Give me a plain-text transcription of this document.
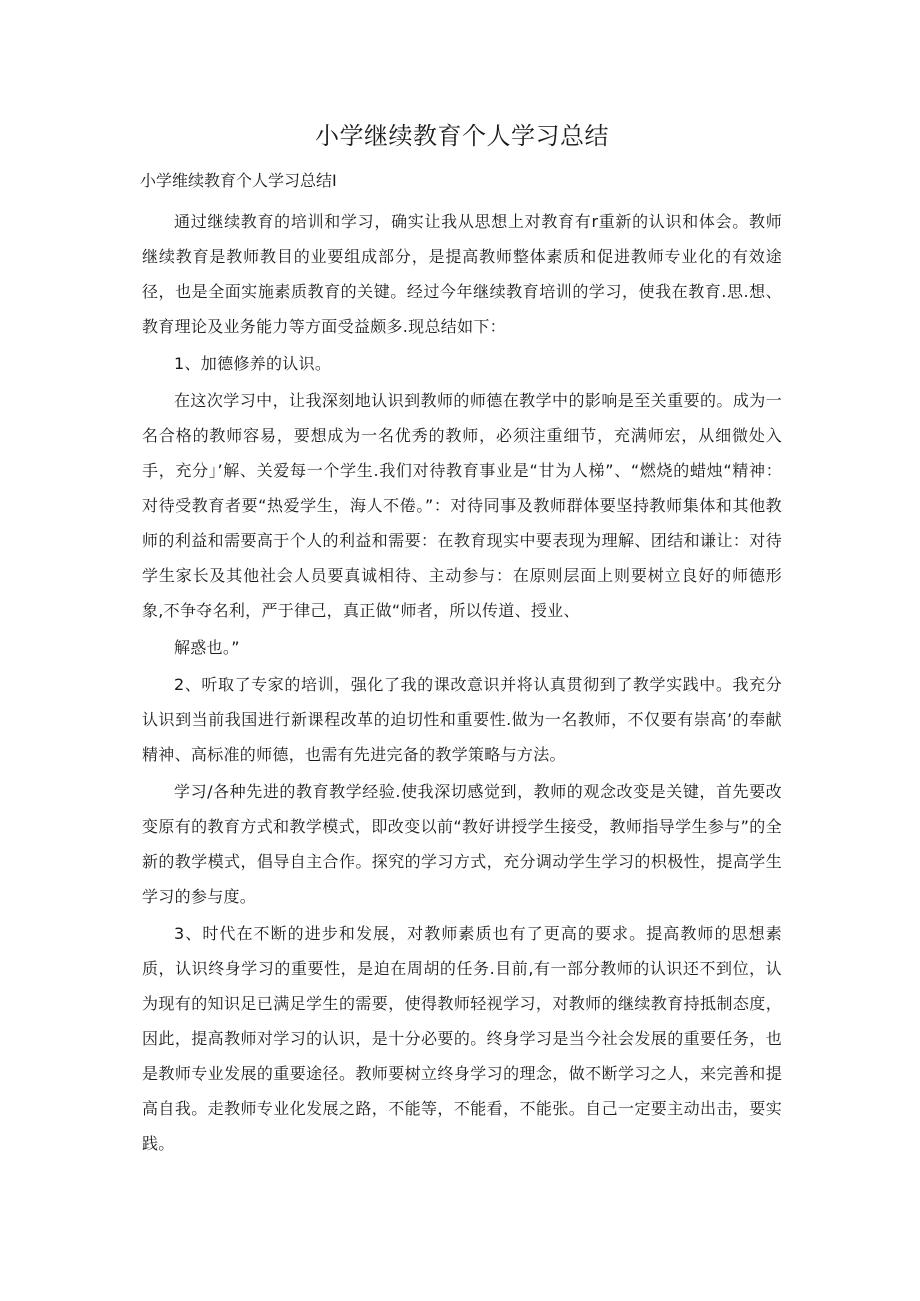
小学继续教育个人学习总结

小学维续教育个人学习总结I

通过继续教育的培训和学习，确实让我从思想上对教育有r重新的认识和体会。教师继续教育是教师教目的业要组成部分，是提高教师整体素质和促进教师专业化的有效途径，也是全面实施素质教育的关键。经过今年继续教育培训的学习，使我在教育.思.想、教育理论及业务能力等方面受益颇多.现总结如下：

1、加德修养的认识。

在这次学习中，让我深刻地认识到教师的师德在教学中的影响是至关重要的。成为一名合格的教师容易，要想成为一名优秀的教师，必须注重细节，充满师宏，从细微处入手，充分」’解、关爱每一个学生.我们对待教育事业是“甘为人梯”、“燃烧的蜡烛“精神：对待受教育者要“热爱学生，海人不倦。”：对待同事及教师群体要坚持教师集体和其他教师的利益和需要高于个人的利益和需要：在教育现实中要表现为理解、团结和谦让：对待学生家长及其他社会人员要真诚相待、主动参与：在原则层面上则要树立良好的师德形象,不争夺名利，严于律己，真正做“师者，所以传道、授业、

解惑也。”

2、听取了专家的培训，强化了我的课改意识并将认真贯彻到了教学实践中。我充分认识到当前我国进行新课程改革的迫切性和重要性.做为一名教师，不仅要有崇高’的奉献精神、高标准的师德，也需有先进完备的教学策略与方法。

学习/各种先进的教育教学经验.使我深切感觉到，教师的观念改变是关键，首先要改变原有的教育方式和教学模式，即改变以前“教好讲授学生接受，教师指导学生参与”的全新的教学模式，倡导自主合作。探究的学习方式，充分调动学生学习的枳极性，提高学生学习的参与度。

3、时代在不断的进步和发展，对教师素质也有了更高的要求。提高教师的思想素质，认识终身学习的重要性，是迫在周胡的任务.目前,有一部分教师的认识还不到位，认为现有的知识足已满足学生的需要，使得教师轻视学习，对教师的继续教育持抵制态度，因此，提高教师对学习的认识，是十分必要的。终身学习是当今社会发展的重要任务，也是教师专业发展的重要途径。教师要树立终身学习的理念，做不断学习之人，来完善和提高自我。走教师专业化发展之路，不能等，不能看，不能张。自己一定要主动出击，要实践。
